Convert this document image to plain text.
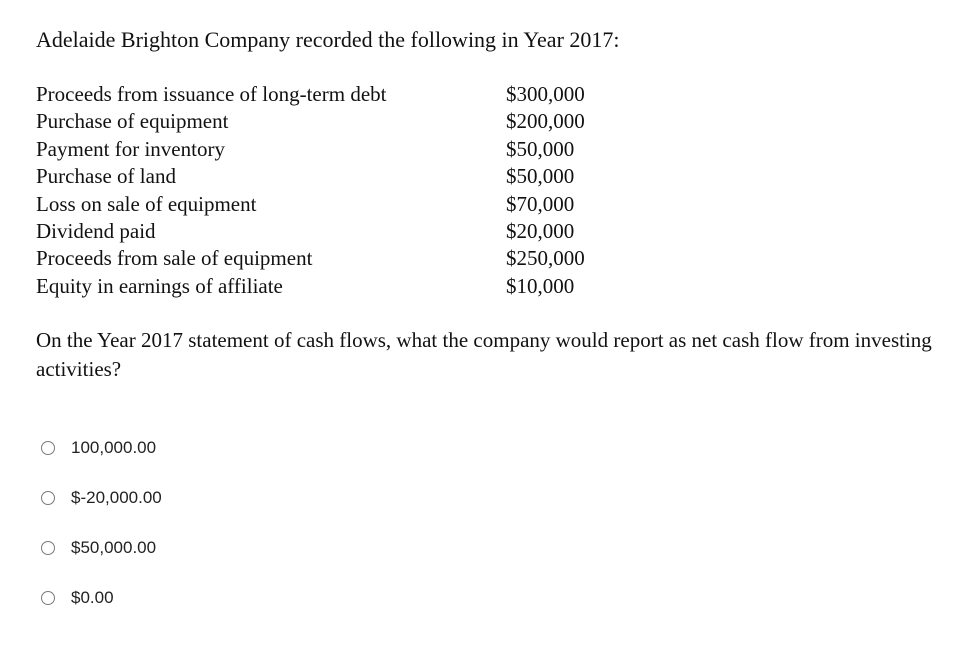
Adelaide Brighton Company recorded the following in Year 2017:
Proceeds from issuance of long-term debt	$300,000
Purchase of equipment	$200,000
Payment for inventory	$50,000
Purchase of land	$50,000
Loss on sale of equipment	$70,000
Dividend paid	$20,000
Proceeds from sale of equipment	$250,000
Equity in earnings of affiliate	$10,000
On the Year 2017 statement of cash flows, what the company would report as net cash flow from investing activities?
100,000.00
$-20,000.00
$50,000.00
$0.00
